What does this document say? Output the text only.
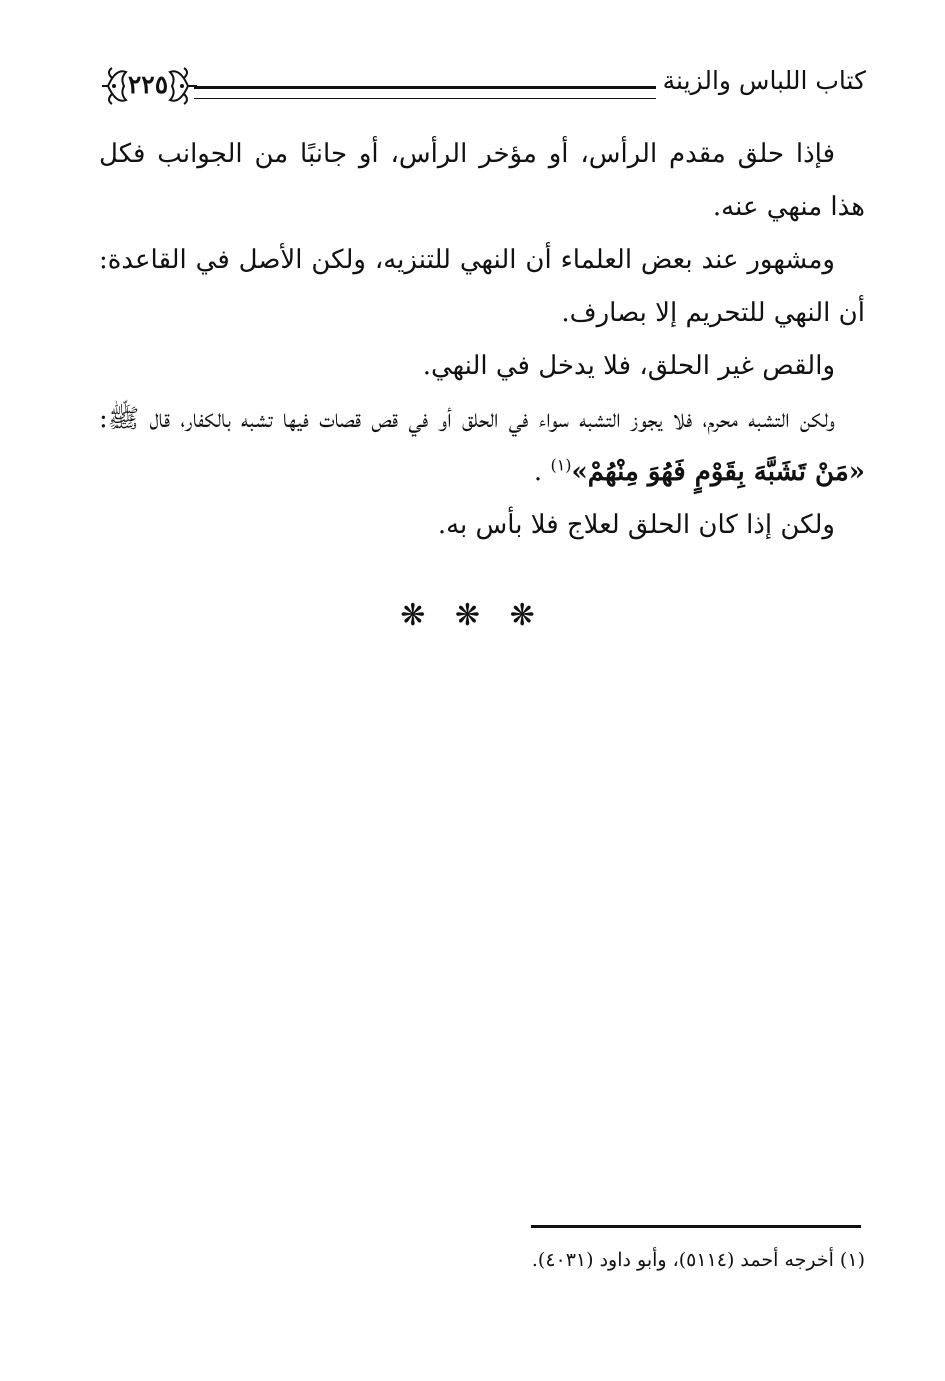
كتاب اللباس والزينة
٢٢٥

فإذا حلق مقدم الرأس، أو مؤخر الرأس، أو جانبًا من الجوانب فكل هذا منهي عنه.

ومشهور عند بعض العلماء أن النهي للتنزيه، ولكن الأصل في القاعدة: أن النهي للتحريم إلا بصارف.

والقص غير الحلق، فلا يدخل في النهي.

ولكن التشبه محرم، فلا يجوز التشبه سواء في الحلق أو في قص قصات فيها تشبه بالكفار، قال ﷺ: «مَنْ تَشَبَّهَ بِقَوْمٍ فَهُوَ مِنْهُمْ»$^{(١)}$ .

ولكن إذا كان الحلق لعلاج فلا بأس به.

❋ ❋ ❋
(١) أخرجه أحمد (٥١١٤)، وأبو داود (٤٠٣١).
